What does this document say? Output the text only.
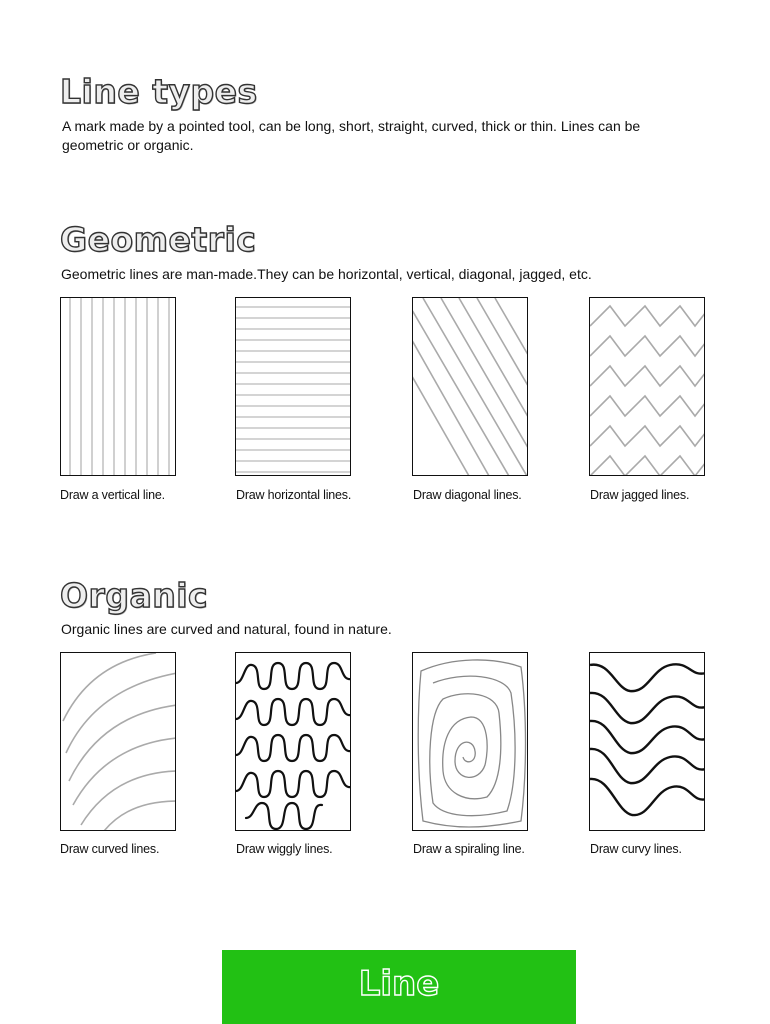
Line types

A mark made by a pointed tool, can be long, short, straight, curved, thick or thin. Lines can be geometric or organic.

Geometric

Geometric lines are man-made.They can be horizontal, vertical, diagonal, jagged, etc.

Draw a vertical line.	Draw horizontal lines.	Draw diagonal lines.	Draw jagged lines.
Organic

Organic lines are curved and natural, found in nature.

Draw curved lines.	Draw wiggly lines.	Draw a spiraling line.	Draw curvy lines.
Line
